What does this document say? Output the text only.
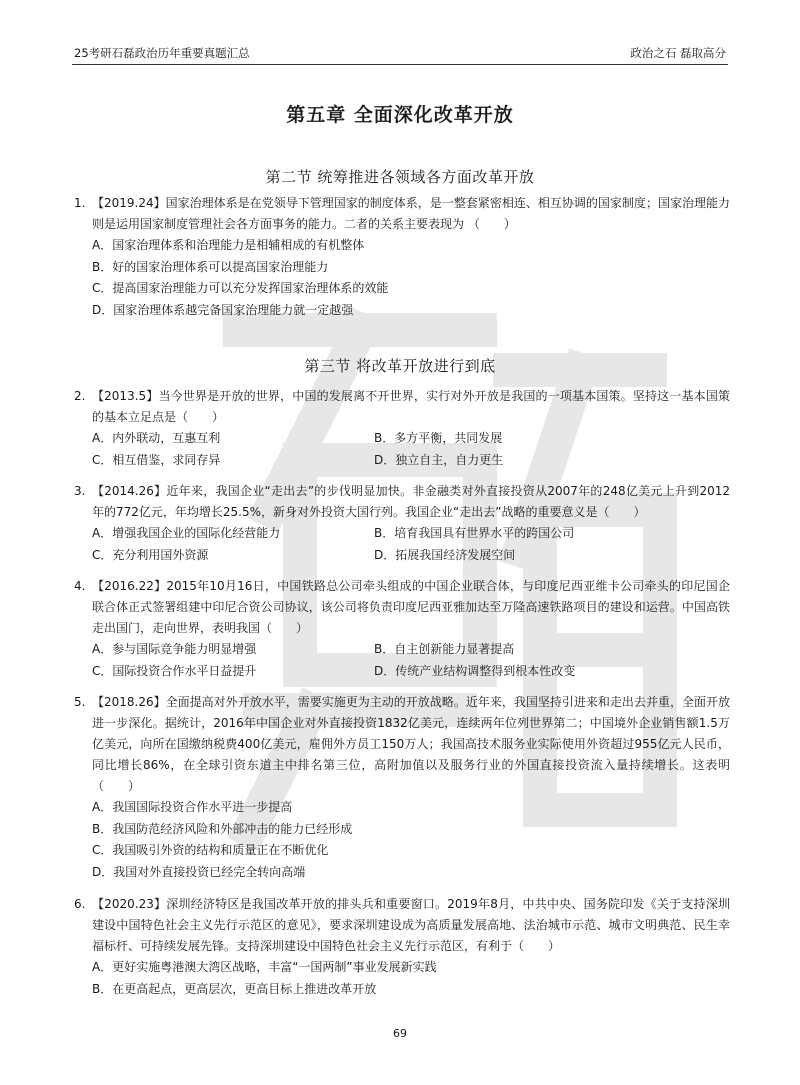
25考研石磊政治历年重要真题汇总	政治之石 磊取高分
第五章 全面深化改革开放
第二节 统筹推进各领域各方面改革开放
1. 【2019.24】国家治理体系是在党领导下管理国家的制度体系，是一整套紧密相连、相互协调的国家制度；国家治理能力则是运用国家制度管理社会各方面事务的能力。二者的关系主要表现为 （　　）
A．国家治理体系和治理能力是相辅相成的有机整体
B．好的国家治理体系可以提高国家治理能力
C．提高国家治理能力可以充分发挥国家治理体系的效能
D．国家治理体系越完备国家治理能力就一定越强
第三节 将改革开放进行到底
2. 【2013.5】当今世界是开放的世界，中国的发展离不开世界，实行对外开放是我国的一项基本国策。坚持这一基本国策的基本立足点是（　　）
A．内外联动，互惠互利	B．多方平衡，共同发展
C．相互借鉴，求同存异	D．独立自主，自力更生
3. 【2014.26】近年来，我国企业“走出去”的步伐明显加快。非金融类对外直接投资从2007年的248亿美元上升到2012年的772亿元，年均增长25.5%，新身对外投资大国行列。我国企业“走出去”战略的重要意义是（　　）
A．增强我国企业的国际化经营能力	B．培育我国具有世界水平的跨国公司
C．充分利用国外资源	D．拓展我国经济发展空间
4. 【2016.22】2015年10月16日，中国铁路总公司牵头组成的中国企业联合体，与印度尼西亚维卡公司牵头的印尼国企联合体正式签署组建中印尼合资公司协议，该公司将负责印度尼西亚雅加达至万隆高速铁路项目的建设和运营。中国高铁走出国门，走向世界，表明我国（　　）
A．参与国际竞争能力明显增强	B．自主创新能力显著提高
C．国际投资合作水平日益提升	D．传统产业结构调整得到根本性改变
5. 【2018.26】全面提高对外开放水平，需要实施更为主动的开放战略。近年来，我国坚持引进来和走出去并重，全面开放进一步深化。据统计，2016年中国企业对外直接投资1832亿美元，连续两年位列世界第二；中国境外企业销售额1.5万亿美元，向所在国缴纳税费400亿美元，雇佣外方员工150万人；我国高技术服务业实际使用外资超过955亿元人民币，同比增长86%，在全球引资东道主中排名第三位，高附加值以及服务行业的外国直接投资流入量持续增长。这表明（　　）
A．我国国际投资合作水平进一步提高
B．我国防范经济风险和外部冲击的能力已经形成
C．我国吸引外资的结构和质量正在不断优化
D．我国对外直接投资已经完全转向高端
6. 【2020.23】深圳经济特区是我国改革开放的排头兵和重要窗口。2019年8月，中共中央、国务院印发《关于支持深圳建设中国特色社会主义先行示范区的意见》，要求深圳建设成为高质量发展高地、法治城市示范、城市文明典范、民生幸福标杆、可持续发展先锋。支持深圳建设中国特色社会主义先行示范区，有利于（　　）
A．更好实施粤港澳大湾区战略，丰富“一国两制”事业发展新实践
B．在更高起点，更高层次，更高目标上推进改革开放
69
